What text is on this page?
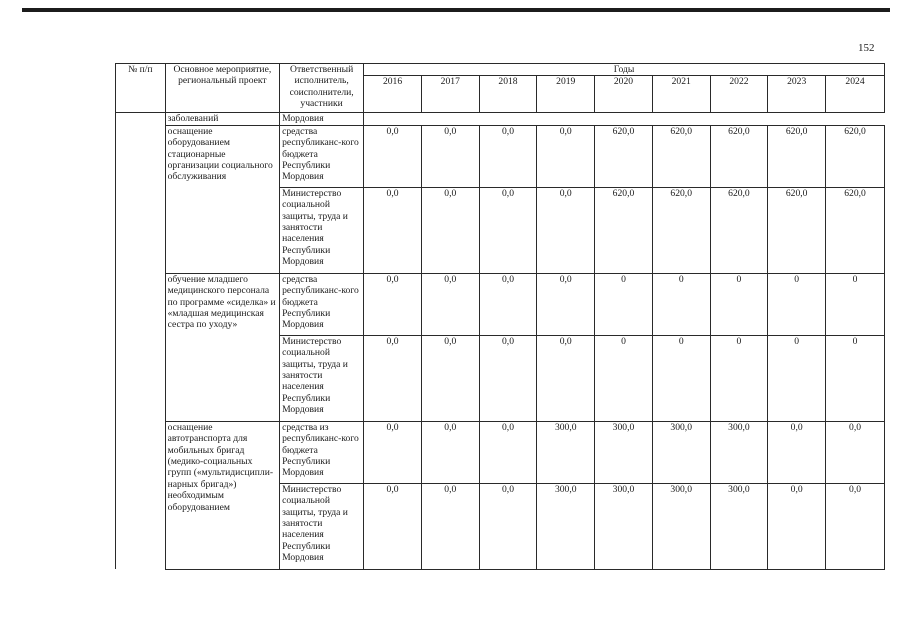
152
№ п/п	Основное мероприятие, региональный проект	Ответственный исполнитель, соисполнители, участники	Годы								
			2016	2017	2018	2019	2020	2021	2022	2023	2024
	заболеваний	Мордовия									
	оснащение оборудованием стационарные организации социального обслуживания	средства республиканс-кого бюджета Республики Мордовия	0,0	0,0	0,0	0,0	620,0	620,0	620,0	620,0	620,0
		Министерство социальной защиты, труда и занятости населения Республики Мордовия	0,0	0,0	0,0	0,0	620,0	620,0	620,0	620,0	620,0
	обучение младшего медицинского персонала по программе «сиделка» и «младшая медицинская сестра по уходу»	средства республиканс-кого бюджета Республики Мордовия	0,0	0,0	0,0	0,0	0	0	0	0	0
		Министерство социальной защиты, труда и занятости населения Республики Мордовия	0,0	0,0	0,0	0,0	0	0	0	0	0
	оснащение автотранспорта для мобильных бригад (медико-социальных групп («мультидисципли-нарных бригад») необходимым оборудованием	средства из республиканс-кого бюджета Республики Мордовия	0,0	0,0	0,0	300,0	300,0	300,0	300,0	0,0	0,0
		Министерство социальной защиты, труда и занятости населения Республики Мордовия	0,0	0,0	0,0	300,0	300,0	300,0	300,0	0,0	0,0
